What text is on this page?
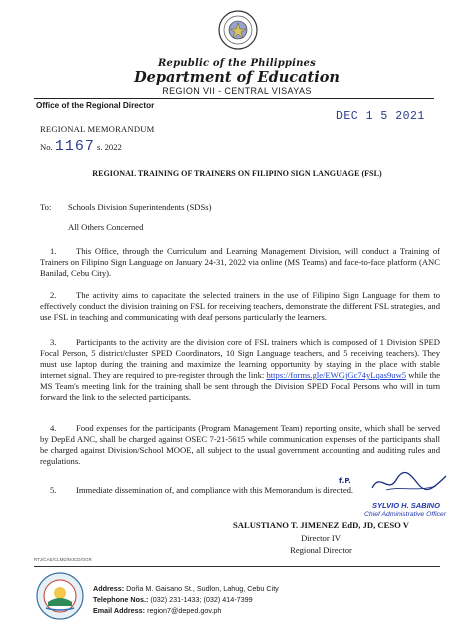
Republic of the Philippines
Department of Education
REGION VII - CENTRAL VISAYAS
Office of the Regional Director
DEC 1 5 2021
REGIONAL MEMORANDUM
No. 1167 s. 2022
REGIONAL TRAINING OF TRAINERS ON FILIPINO SIGN LANGUAGE (FSL)
To: Schools Division Superintendents (SDSs)
All Others Concerned
1. This Office, through the Curriculum and Learning Management Division, will conduct a Training of Trainers on Filipino Sign Language on January 24-31, 2022 via online (MS Teams) and face-to-face platform (ANC Banilad, Cebu City).
2. The activity aims to capacitate the selected trainers in the use of Filipino Sign Language for them to effectively conduct the division training on FSL for receiving teachers, demonstrate the different FSL strategies, and use FSL in teaching and communicating with deaf persons particularly the learners.
3. Participants to the activity are the division core of FSL trainers which is composed of 1 Division SPED Focal Person, 5 district/cluster SPED Coordinators, 10 Sign Language teachers, and 5 receiving teachers). They must use laptop during the training and maximize the learning opportunity by staying in the place with stable internet signal. They are required to pre-register through the link: https://forms.gle/EWGjGc74yLqas9uw5 while the MS Team's meeting link for the training shall be sent through the Division SPED Focal Persons who will in turn forward the link to the selected participants.
4. Food expenses for the participants (Program Management Team) reporting onsite, which shall be served by DepEd ANC, shall be charged against OSEC 7-21-5615 while communication expenses of the participants shall be charged against Division/School MOOE, all subject to the usual government accounting and auditing rules and regulations.
5. Immediate dissemination of, and compliance with this Memorandum is directed.
f.P.
SYLVIO H. SABINO
Chief Administrative Officer
SALUSTIANO T. JIMENEZ EdD, JD, CESO V
Director IV
Regional Director
RTJ/CAE/CLMD/MJCD/OGR
Address: Doña M. Gaisano St., Sudlon, Lahug, Cebu City
Telephone Nos.: (032) 231-1433; (032) 414-7399
Email Address: region7@deped.gov.ph
